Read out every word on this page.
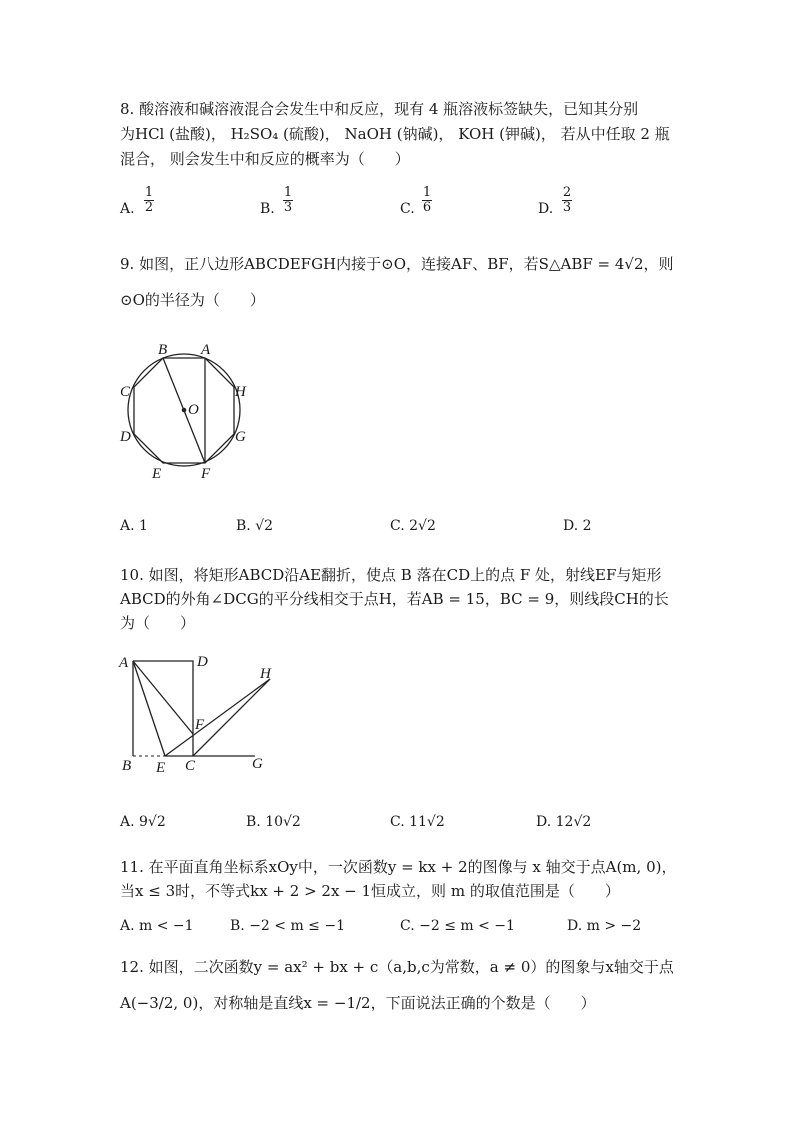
8. 酸溶液和碱溶液混合会发生中和反应，现有 4 瓶溶液标签缺失，已知其分别
为HCl (盐酸)， H₂SO₄ (硫酸)， NaOH (钠碱)， KOH (钾碱)， 若从中任取 2 瓶
混合， 则会发生中和反应的概率为（　　）
A.
1
2	B.
1
3	C.
1
6	D.
2
3
9. 如图，正八边形ABCDEFGH内接于⊙O，连接AF、BF，若S△ABF = 4√2，则
⊙O的半径为（　　）
B A
C	H
O
D	G
E	F
A. 1	B. √2	C. 2√2	D. 2
10. 如图，将矩形ABCD沿AE翻折，使点 B 落在CD上的点 F 处，射线EF与矩形
ABCD的外角∠DCG的平分线相交于点H，若AB = 15，BC = 9，则线段CH的长
为（　　）
A	D
H
F
B E C	G
A. 9√2	B. 10√2	C. 11√2	D. 12√2
11. 在平面直角坐标系xOy中，一次函数y = kx + 2的图像与 x 轴交于点A(m, 0)，
当x ≤ 3时，不等式kx + 2 > 2x − 1恒成立，则 m 的取值范围是（　　）
A. m < −1	B. −2 < m ≤ −1	C. −2 ≤ m < −1	D. m > −2
12. 如图，二次函数y = ax² + bx + c（a,b,c为常数，a ≠ 0）的图象与x轴交于点
A(−3/2, 0)，对称轴是直线x = −1/2，下面说法正确的个数是（　　）
